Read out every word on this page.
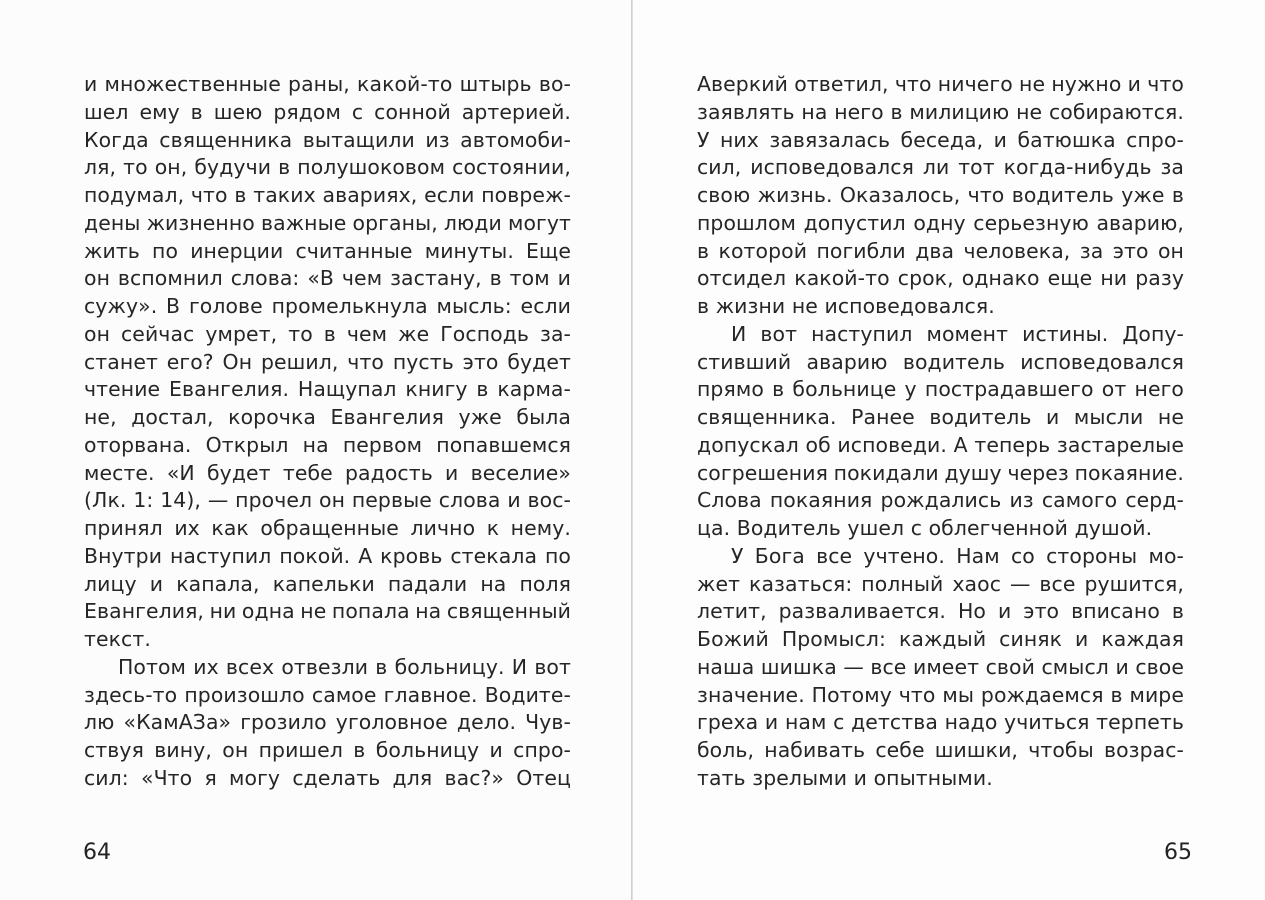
и множественные раны, какой-то штырь во-
шел ему в шею рядом с сонной артерией.
Когда священника вытащили из автомоби-
ля, то он, будучи в полушоковом состоянии,
подумал, что в таких авариях, если повреж-
дены жизненно важные органы, люди могут
жить по инерции считанные минуты. Еще
он вспомнил слова: «В чем застану, в том и
сужу». В голове промелькнула мысль: если
он сейчас умрет, то в чем же Господь за-
станет его? Он решил, что пусть это будет
чтение Евангелия. Нащупал книгу в карма-
не, достал, корочка Евангелия уже была
оторвана. Открыл на первом попавшемся
месте. «И будет тебе радость и веселие»
(Лк. 1: 14), — прочел он первые слова и вос-
принял их как обращенные лично к нему.
Внутри наступил покой. А кровь стекала по
лицу и капала, капельки падали на поля
Евангелия, ни одна не попала на священный
текст.
Потом их всех отвезли в больницу. И вот
здесь-то произошло самое главное. Водите-
лю «КамАЗа» грозило уголовное дело. Чув-
ствуя вину, он пришел в больницу и спро-
сил: «Что я могу сделать для вас?» Отец
64
Аверкий ответил, что ничего не нужно и что
заявлять на него в милицию не собираются.
У них завязалась беседа, и батюшка спро-
сил, исповедовался ли тот когда-нибудь за
свою жизнь. Оказалось, что водитель уже в
прошлом допустил одну серьезную аварию,
в которой погибли два человека, за это он
отсидел какой-то срок, однако еще ни разу
в жизни не исповедовался.
И вот наступил момент истины. Допу-
стивший аварию водитель исповедовался
прямо в больнице у пострадавшего от него
священника. Ранее водитель и мысли не
допускал об исповеди. А теперь застарелые
согрешения покидали душу через покаяние.
Слова покаяния рождались из самого серд-
ца. Водитель ушел с облегченной душой.
У Бога все учтено. Нам со стороны мо-
жет казаться: полный хаос — все рушится,
летит, разваливается. Но и это вписано в
Божий Промысл: каждый синяк и каждая
наша шишка — все имеет свой смысл и свое
значение. Потому что мы рождаемся в мире
греха и нам с детства надо учиться терпеть
боль, набивать себе шишки, чтобы возрас-
тать зрелыми и опытными.
65
